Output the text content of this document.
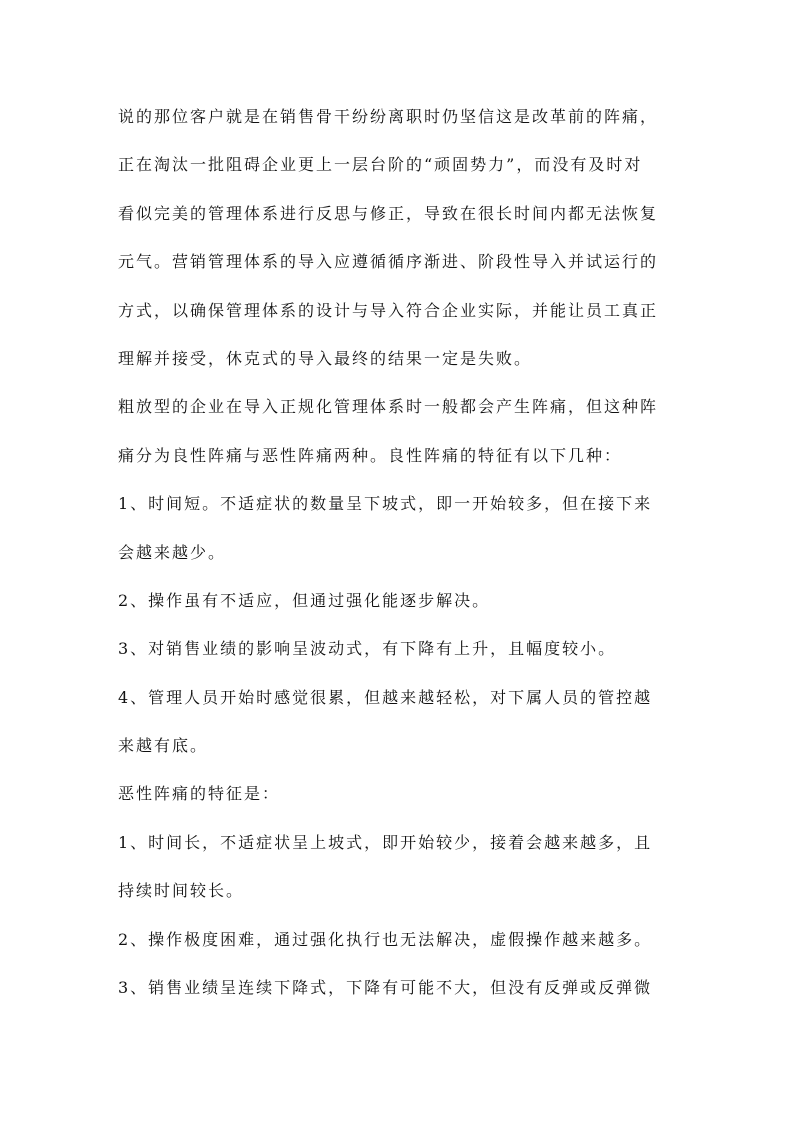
说的那位客户就是在销售骨干纷纷离职时仍坚信这是改革前的阵痛，
正在淘汰一批阻碍企业更上一层台阶的“顽固势力”，而没有及时对
看似完美的管理体系进行反思与修正，导致在很长时间内都无法恢复
元气。营销管理体系的导入应遵循循序渐进、阶段性导入并试运行的
方式，以确保管理体系的设计与导入符合企业实际，并能让员工真正
理解并接受，休克式的导入最终的结果一定是失败。
粗放型的企业在导入正规化管理体系时一般都会产生阵痛，但这种阵
痛分为良性阵痛与恶性阵痛两种。良性阵痛的特征有以下几种：
1、时间短。不适症状的数量呈下坡式，即一开始较多，但在接下来
会越来越少。
2、操作虽有不适应，但通过强化能逐步解决。
3、对销售业绩的影响呈波动式，有下降有上升，且幅度较小。
4、管理人员开始时感觉很累，但越来越轻松，对下属人员的管控越
来越有底。
恶性阵痛的特征是：
1、时间长，不适症状呈上坡式，即开始较少，接着会越来越多，且
持续时间较长。
2、操作极度困难，通过强化执行也无法解决，虚假操作越来越多。
3、销售业绩呈连续下降式，下降有可能不大，但没有反弹或反弹微
